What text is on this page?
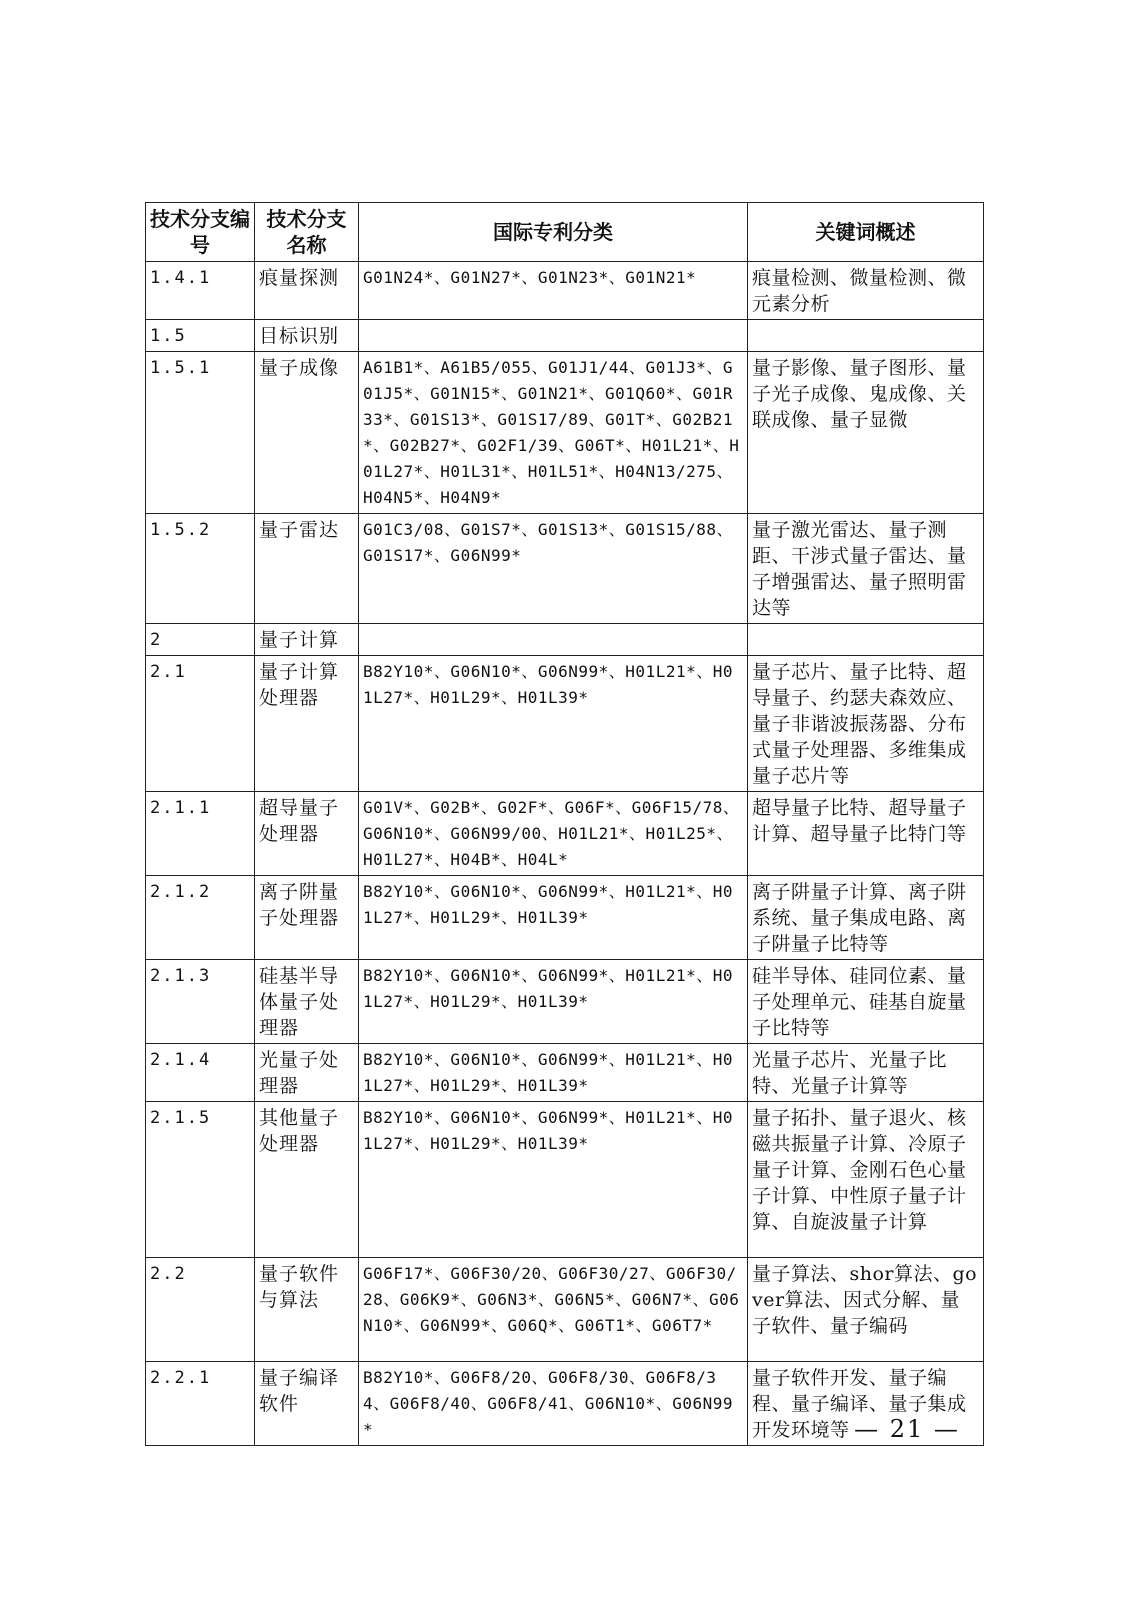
技术分支编号	技术分支名称	国际专利分类	关键词概述
1.4.1	痕量探测	G01N24*、G01N27*、G01N23*、G01N21*	痕量检测、微量检测、微元素分析
1.5	目标识别		
1.5.1	量子成像	A61B1*、A61B5/055、G01J1/44、G01J3*、G01J5*、G01N15*、G01N21*、G01Q60*、G01R33*、G01S13*、G01S17/89、G01T*、G02B21*、G02B27*、G02F1/39、G06T*、H01L21*、H01L27*、H01L31*、H01L51*、H04N13/275、H04N5*、H04N9*	量子影像、量子图形、量子光子成像、鬼成像、关联成像、量子显微
1.5.2	量子雷达	G01C3/08、G01S7*、G01S13*、G01S15/88、G01S17*、G06N99*	量子激光雷达、量子测距、干涉式量子雷达、量子增强雷达、量子照明雷达等
2	量子计算		
2.1	量子计算处理器	B82Y10*、G06N10*、G06N99*、H01L21*、H01L27*、H01L29*、H01L39*	量子芯片、量子比特、超导量子、约瑟夫森效应、量子非谐波振荡器、分布式量子处理器、多维集成量子芯片等
2.1.1	超导量子处理器	G01V*、G02B*、G02F*、G06F*、G06F15/78、G06N10*、G06N99/00、H01L21*、H01L25*、H01L27*、H04B*、H04L*	超导量子比特、超导量子计算、超导量子比特门等
2.1.2	离子阱量子处理器	B82Y10*、G06N10*、G06N99*、H01L21*、H01L27*、H01L29*、H01L39*	离子阱量子计算、离子阱系统、量子集成电路、离子阱量子比特等
2.1.3	硅基半导体量子处理器	B82Y10*、G06N10*、G06N99*、H01L21*、H01L27*、H01L29*、H01L39*	硅半导体、硅同位素、量子处理单元、硅基自旋量子比特等
2.1.4	光量子处理器	B82Y10*、G06N10*、G06N99*、H01L21*、H01L27*、H01L29*、H01L39*	光量子芯片、光量子比特、光量子计算等
2.1.5	其他量子处理器	B82Y10*、G06N10*、G06N99*、H01L21*、H01L27*、H01L29*、H01L39*	量子拓扑、量子退火、核磁共振量子计算、冷原子量子计算、金刚石色心量子计算、中性原子量子计算、自旋波量子计算
2.2	量子软件与算法	G06F17*、G06F30/20、G06F30/27、G06F30/28、G06K9*、G06N3*、G06N5*、G06N7*、G06N10*、G06N99*、G06Q*、G06T1*、G06T7*	量子算法、shor算法、gover算法、因式分解、量子软件、量子编码
2.2.1	量子编译软件	B82Y10*、G06F8/20、G06F8/30、G06F8/34、G06F8/40、G06F8/41、G06N10*、G06N99*	量子软件开发、量子编程、量子编译、量子集成开发环境等 — 21 —
